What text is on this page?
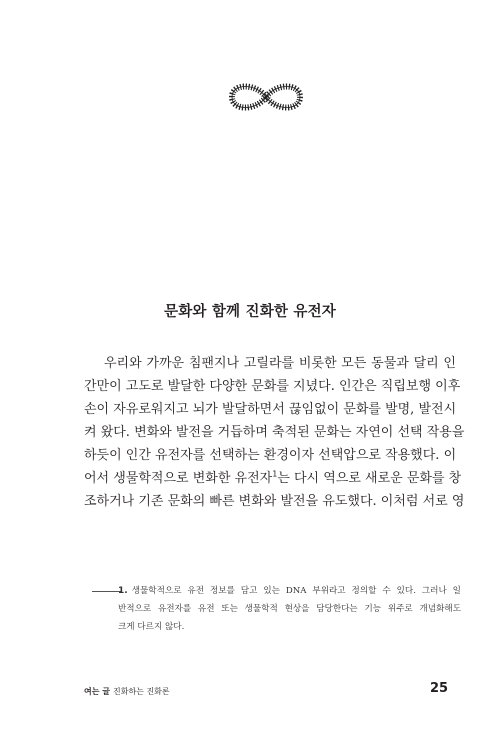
문화와 함께 진화한 유전자
우리와 가까운 침팬지나 고릴라를 비롯한 모든 동물과 달리 인
간만이 고도로 발달한 다양한 문화를 지녔다. 인간은 직립보행 이후
손이 자유로워지고 뇌가 발달하면서 끊임없이 문화를 발명, 발전시
켜 왔다. 변화와 발전을 거듭하며 축적된 문화는 자연이 선택 작용을
하듯이 인간 유전자를 선택하는 환경이자 선택압으로 작용했다. 이
어서 생물학적으로 변화한 유전자$^1$는 다시 역으로 새로운 문화를 창
조하거나 기존 문화의 빠른 변화와 발전을 유도했다. 이처럼 서로 영
1. 생물학적으로 유전 정보를 담고 있는 DNA 부위라고 정의할 수 있다. 그러나 일
반적으로 유전자를 유전 또는 생물학적 현상을 담당한다는 기능 위주로 개념화해도
크게 다르지 않다.
여는 글 진화하는 진화론	25
